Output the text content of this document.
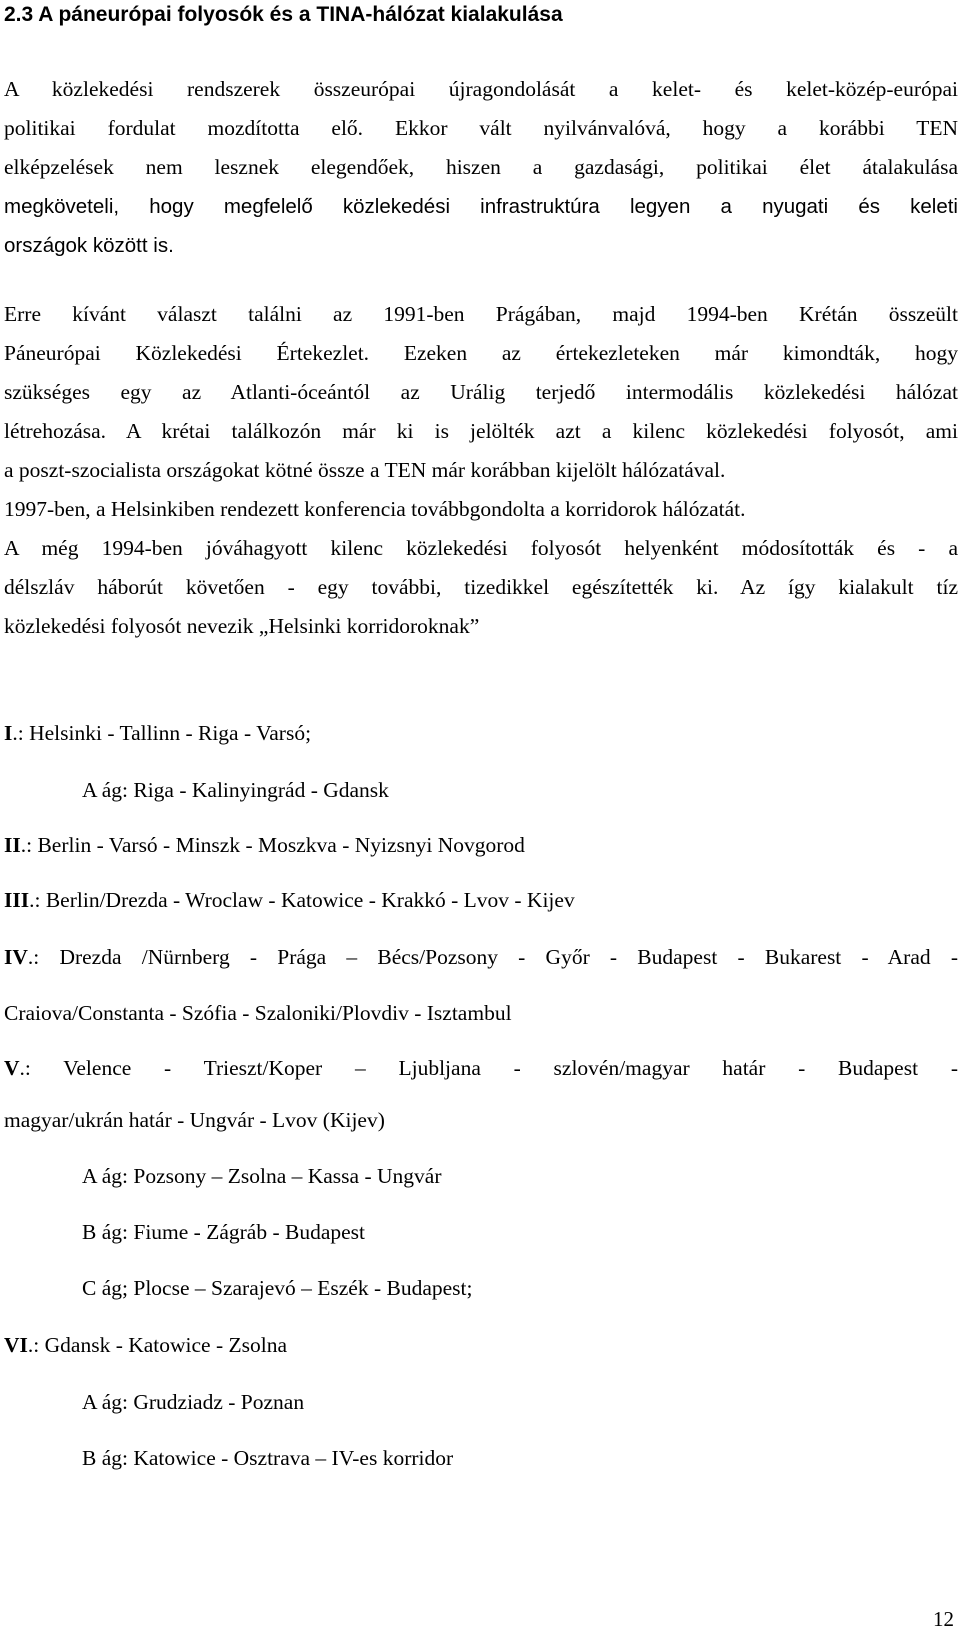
2.3 A páneurópai folyosók és a TINA-hálózat kialakulása

A közlekedési rendszerek összeurópai újragondolását a kelet- és kelet-közép-európai
politikai fordulat mozdította elő. Ekkor vált nyilvánvalóvá, hogy a korábbi TEN
elképzelések nem lesznek elegendőek, hiszen a gazdasági, politikai élet átalakulása
megköveteli, hogy megfelelő közlekedési infrastruktúra legyen a nyugati és keleti
országok között is.

Erre kívánt választ találni az 1991-ben Prágában, majd 1994-ben Krétán összeült
Páneurópai Közlekedési Értekezlet. Ezeken az értekezleteken már kimondták, hogy
szükséges egy az Atlanti-óceántól az Urálig terjedő intermodális közlekedési hálózat
létrehozása. A krétai találkozón már ki is jelölték azt a kilenc közlekedési folyosót, ami
a poszt-szocialista országokat kötné össze a TEN már korábban kijelölt hálózatával.
1997-ben, a Helsinkiben rendezett konferencia továbbgondolta a korridorok hálózatát.
A még 1994-ben jóváhagyott kilenc közlekedési folyosót helyenként módosították és - a
délszláv háborút követően - egy további, tizedikkel egészítették ki. Az így kialakult tíz
közlekedési folyosót nevezik „Helsinki korridoroknak”

I.: Helsinki - Tallinn - Riga - Varsó;

A ág: Riga - Kalinyingrád - Gdansk

II.: Berlin - Varsó - Minszk - Moszkva - Nyizsnyi Novgorod

III.: Berlin/Drezda - Wroclaw - Katowice - Krakkó - Lvov - Kijev

IV.: Drezda /Nürnberg - Prága – Bécs/Pozsony - Győr - Budapest - Bukarest - Arad -
Craiova/Constanta - Szófia - Szaloniki/Plovdiv - Isztambul
V.: Velence - Trieszt/Koper – Ljubljana - szlovén/magyar határ - Budapest -
magyar/ukrán határ - Ungvár - Lvov (Kijev)

A ág: Pozsony – Zsolna – Kassa - Ungvár

B ág: Fiume - Zágráb - Budapest

C ág; Plocse – Szarajevó – Eszék - Budapest;

VI.: Gdansk - Katowice - Zsolna

A ág: Grudziadz - Poznan

B ág: Katowice - Osztrava – IV-es korridor

12
